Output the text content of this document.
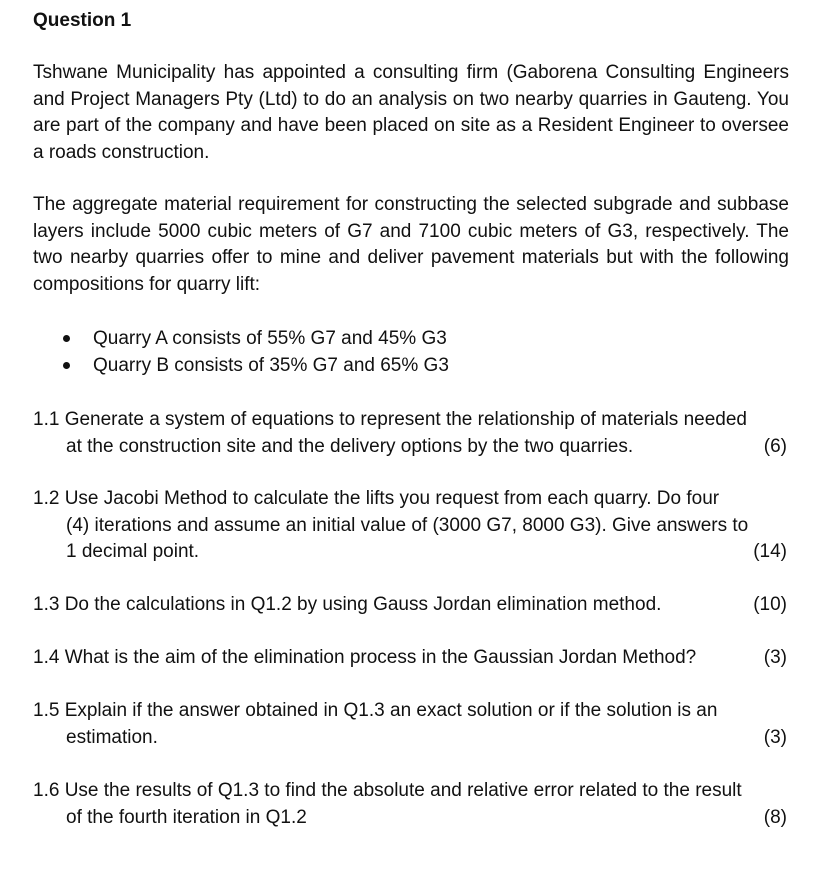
Question 1

Tshwane Municipality has appointed a consulting firm (Gaborena Consulting Engineers and Project Managers Pty (Ltd) to do an analysis on two nearby quarries in Gauteng. You are part of the company and have been placed on site as a Resident Engineer to oversee a roads construction.

The aggregate material requirement for constructing the selected subgrade and subbase layers include 5000 cubic meters of G7 and 7100 cubic meters of G3, respectively. The two nearby quarries offer to mine and deliver pavement materials but with the following compositions for quarry lift:

Quarry A consists of 55% G7 and 45% G3
Quarry B consists of 35% G7 and 65% G3
1.1 Generate a system of equations to represent the relationship of materials needed
at the construction site and the delivery options by the two quarries.	(6)
1.2 Use Jacobi Method to calculate the lifts you request from each quarry. Do four
(4) iterations and assume an initial value of (3000 G7, 8000 G3). Give answers to
1 decimal point.	(14)
1.3 Do the calculations in Q1.2 by using Gauss Jordan elimination method.	(10)
1.4 What is the aim of the elimination process in the Gaussian Jordan Method?	(3)
1.5 Explain if the answer obtained in Q1.3 an exact solution or if the solution is an
estimation.	(3)
1.6 Use the results of Q1.3 to find the absolute and relative error related to the result
of the fourth iteration in Q1.2	(8)
